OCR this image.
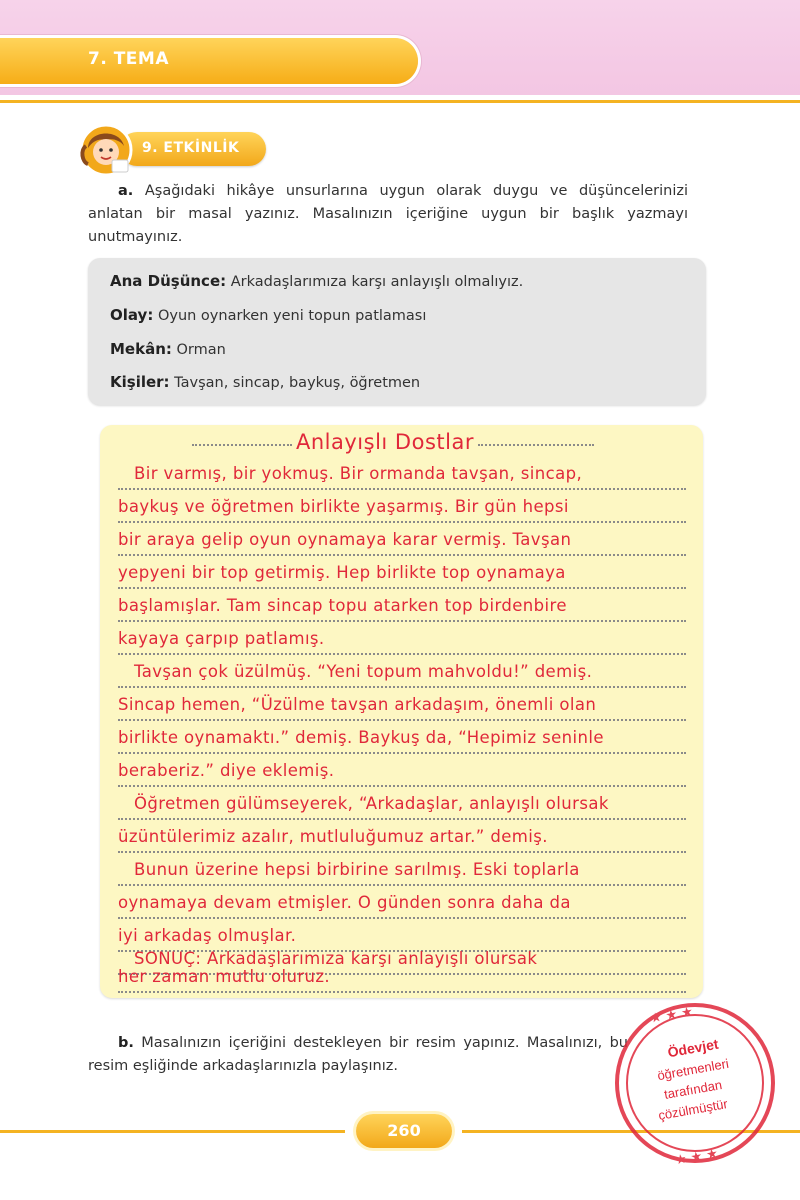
7. TEMA
9. ETKİNLİK
a. Aşağıdaki hikâye unsurlarına uygun olarak duygu ve düşüncelerinizi anlatan bir masal yazınız. Masalınızın içeriğine uygun bir başlık yazmayı unutmayınız.
Ana Düşünce: Arkadaşlarımıza karşı anlayışlı olmalıyız.
Olay: Oyun oynarken yeni topun patlaması
Mekân: Orman
Kişiler: Tavşan, sincap, baykuş, öğretmen
Anlayışlı Dostlar
Bir varmış, bir yokmuş. Bir ormanda tavşan, sincap,
baykuş ve öğretmen birlikte yaşarmış. Bir gün hepsi
bir araya gelip oyun oynamaya karar vermiş. Tavşan
yepyeni bir top getirmiş. Hep birlikte top oynamaya
başlamışlar. Tam sincap topu atarken top birdenbire
kayaya çarpıp patlamış.
Tavşan çok üzülmüş. “Yeni topum mahvoldu!” demiş.
Sincap hemen, “Üzülme tavşan arkadaşım, önemli olan
birlikte oynamaktı.” demiş. Baykuş da, “Hepimiz seninle
beraberiz.” diye eklemiş.
Öğretmen gülümseyerek, “Arkadaşlar, anlayışlı olursak
üzüntülerimiz azalır, mutluluğumuz artar.” demiş.
Bunun üzerine hepsi birbirine sarılmış. Eski toplarla
oynamaya devam etmişler. O günden sonra daha da
iyi arkadaş olmuşlar.
SONUÇ: Arkadaşlarımıza karşı anlayışlı olursak
her zaman mutlu oluruz.
b. Masalınızın içeriğini destekleyen bir resim yapınız. Masalınızı, bu resim eşliğinde arkadaşlarınızla paylaşınız.
260
★ ★ ★
★ ★ ★
Ödevjet
öğretmenleri
tarafından
çözülmüştür
